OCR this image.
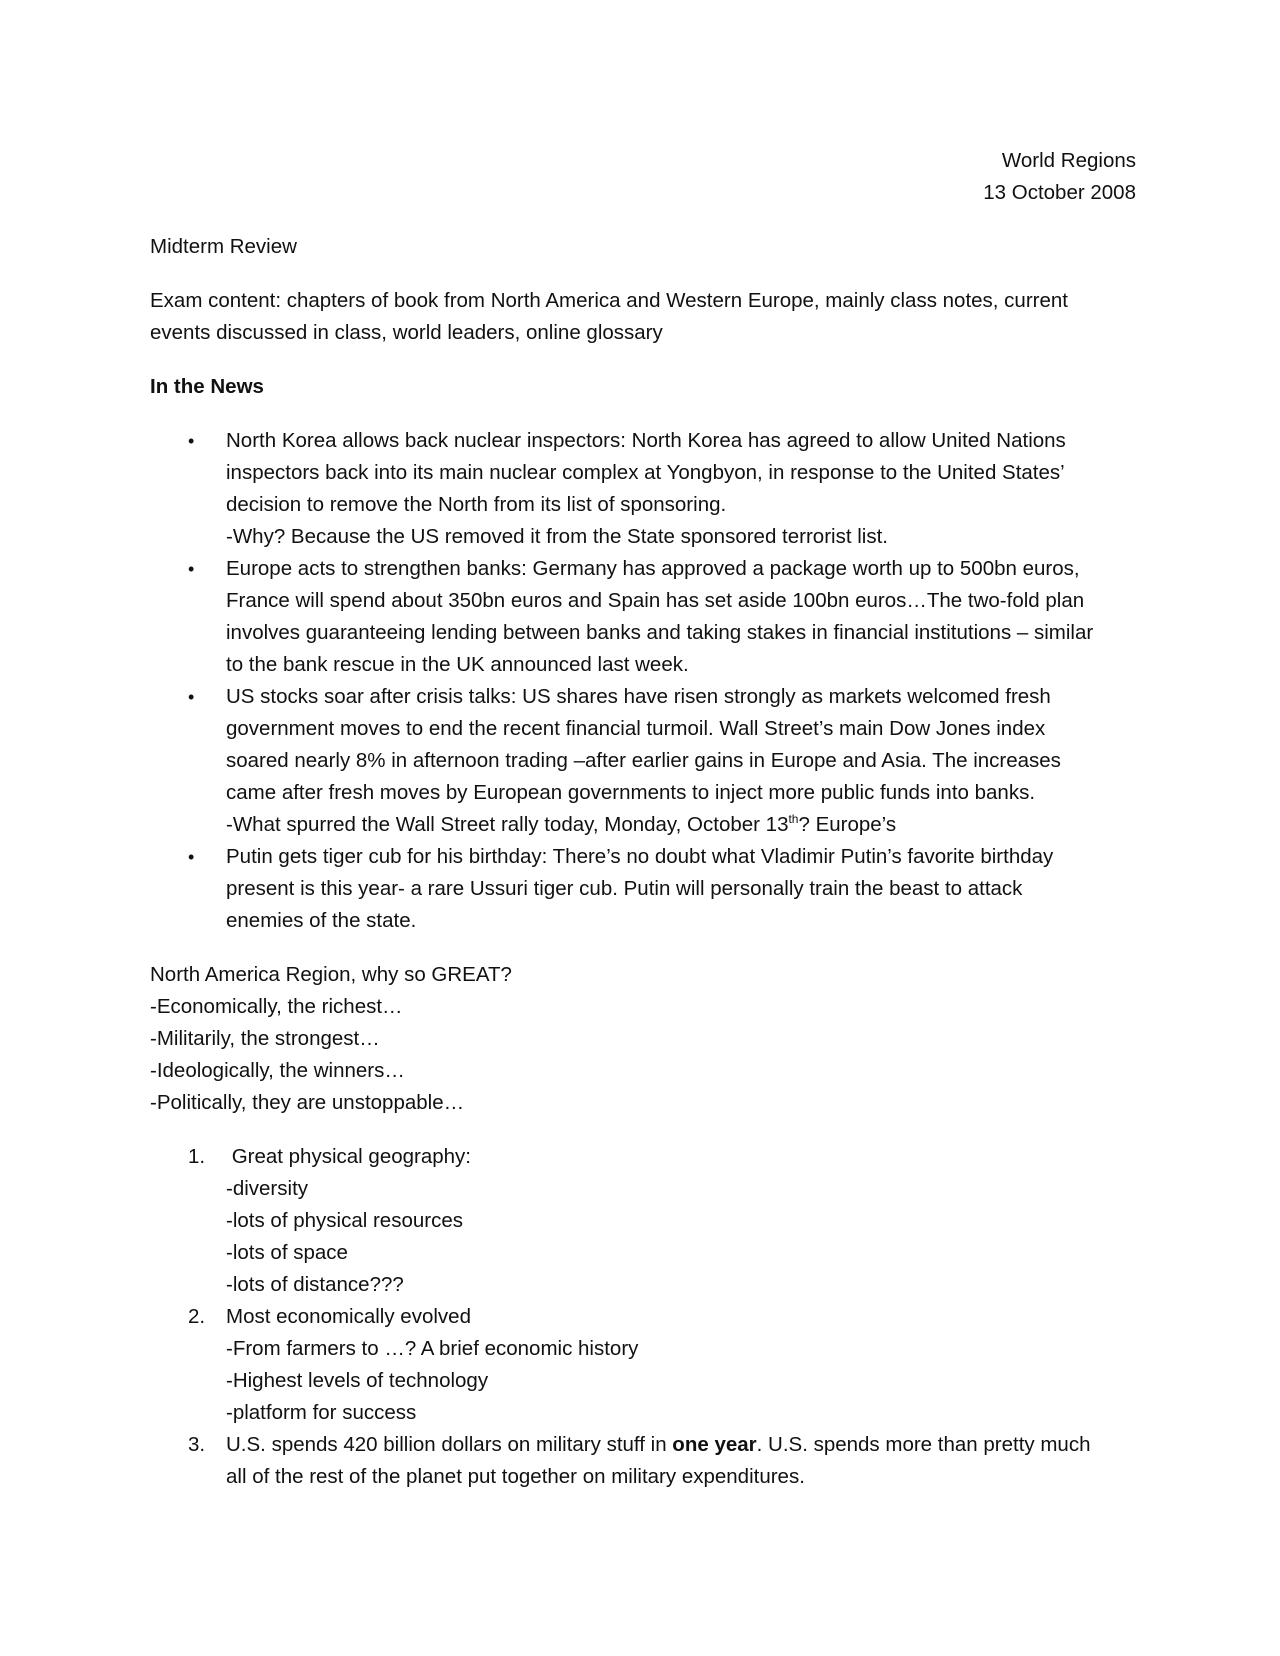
World Regions
13 October 2008

Midterm Review

Exam content: chapters of book from North America and Western Europe, mainly class notes, current
events discussed in class, world leaders, online glossary

In the News

• North Korea allows back nuclear inspectors: North Korea has agreed to allow United Nations
inspectors back into its main nuclear complex at Yongbyon, in response to the United States’
decision to remove the North from its list of sponsoring.
-Why? Because the US removed it from the State sponsored terrorist list.
• Europe acts to strengthen banks: Germany has approved a package worth up to 500bn euros,
France will spend about 350bn euros and Spain has set aside 100bn euros…The two-fold plan
involves guaranteeing lending between banks and taking stakes in financial institutions – similar
to the bank rescue in the UK announced last week.
• US stocks soar after crisis talks: US shares have risen strongly as markets welcomed fresh
government moves to end the recent financial turmoil. Wall Street’s main Dow Jones index
soared nearly 8% in afternoon trading –after earlier gains in Europe and Asia. The increases
came after fresh moves by European governments to inject more public funds into banks.
-What spurred the Wall Street rally today, Monday, October 13th? Europe’s
• Putin gets tiger cub for his birthday: There’s no doubt what Vladimir Putin’s favorite birthday
present is this year- a rare Ussuri tiger cub. Putin will personally train the beast to attack
enemies of the state.

North America Region, why so GREAT?
-Economically, the richest…
-Militarily, the strongest…
-Ideologically, the winners…
-Politically, they are unstoppable…

1. Great physical geography:
-diversity
-lots of physical resources
-lots of space
-lots of distance???
2. Most economically evolved
-From farmers to …? A brief economic history
-Highest levels of technology
-platform for success
3. U.S. spends 420 billion dollars on military stuff in one year. U.S. spends more than pretty much
all of the rest of the planet put together on military expenditures.
